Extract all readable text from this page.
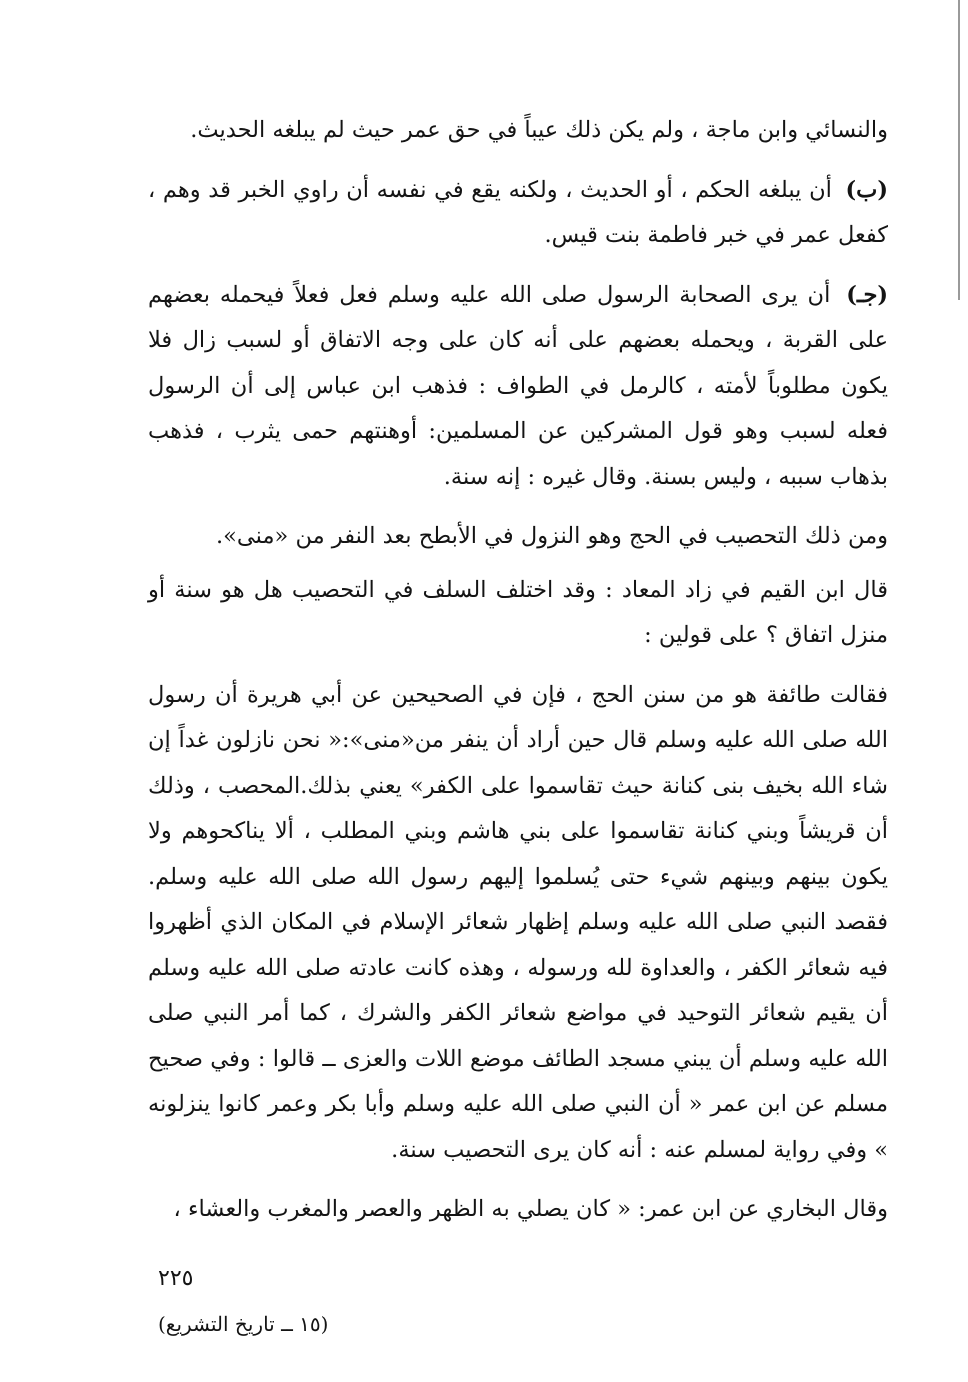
والنسائي وابن ماجة ، ولم يكن ذلك عيباً في حق عمر حيث لم يبلغه الحديث.

(ب) أن يبلغه الحكم ، أو الحديث ، ولكنه يقع في نفسه أن راوي الخبر قد وهم ، كفعل عمر في خبر فاطمة بنت قيس.

(جـ) أن يرى الصحابة الرسول صلى الله عليه وسلم فعل فعلاً فيحمله بعضهم على القربة ، ويحمله بعضهم على أنه كان على وجه الاتفاق أو لسبب زال فلا يكون مطلوباً لأمته ، كالرمل في الطواف : فذهب ابن عباس إلى أن الرسول فعله لسبب وهو قول المشركين عن المسلمين: أوهنتهم حمى يثرب ، فذهب بذهاب سببه ، وليس بسنة. وقال غيره : إنه سنة.

ومن ذلك التحصيب في الحج وهو النزول في الأبطح بعد النفر من «منى».

قال ابن القيم في زاد المعاد : وقد اختلف السلف في التحصيب هل هو سنة أو منزل اتفاق ؟ على قولين :

فقالت طائفة هو من سنن الحج ، فإن في الصحيحين عن أبي هريرة أن رسول الله صلى الله عليه وسلم قال حين أراد أن ينفر من«منى»:« نحن نازلون غداً إن شاء الله بخيف بنى كنانة حيث تقاسموا على الكفر» يعني بذلك.المحصب ، وذلك أن قريشاً وبني كنانة تقاسموا على بني هاشم وبني المطلب ، ألا يناكحوهم ولا يكون بينهم وبينهم شيء حتى يُسلموا إليهم رسول الله صلى الله عليه وسلم. فقصد النبي صلى الله عليه وسلم إظهار شعائر الإسلام في المكان الذي أظهروا فيه شعائر الكفر ، والعداوة لله ورسوله ، وهذه كانت عادته صلى الله عليه وسلم أن يقيم شعائر التوحيد في مواضع شعائر الكفر والشرك ، كما أمر النبي صلى الله عليه وسلم أن يبني مسجد الطائف موضع اللات والعزى ــ قالوا : وفي صحيح مسلم عن ابن عمر « أن النبي صلى الله عليه وسلم وأبا بكر وعمر كانوا ينزلونه » وفي رواية لمسلم عنه : أنه كان يرى التحصيب سنة.

وقال البخاري عن ابن عمر: « كان يصلي به الظهر والعصر والمغرب والعشاء ،

٢٢٥
(١٥ ــ تاريخ التشريع)
